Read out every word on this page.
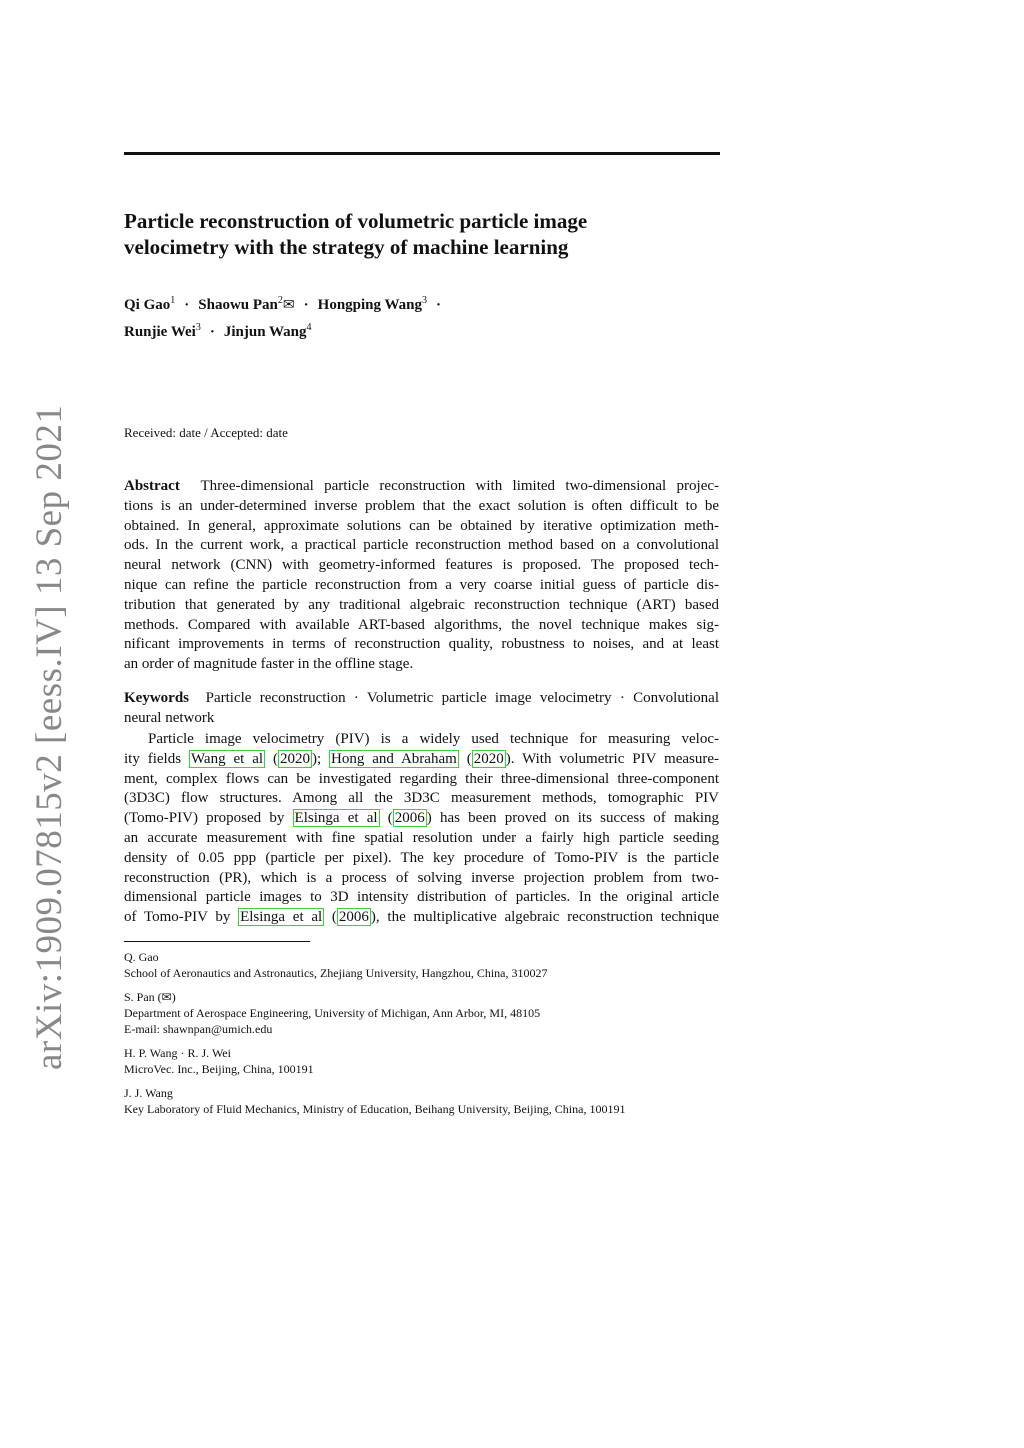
arXiv:1909.07815v2 [eess.IV] 13 Sep 2021
Particle reconstruction of volumetric particle image
velocimetry with the strategy of machine learning
Qi Gao$^1$ · Shaowu Pan$^2$✉ · Hongping Wang$^3$ ·
Runjie Wei$^3$ · Jinjun Wang$^4$
Received: date / Accepted: date
Abstract Three-dimensional particle reconstruction with limited two-dimensional projec-
tions is an under-determined inverse problem that the exact solution is often difficult to be
obtained. In general, approximate solutions can be obtained by iterative optimization meth-
ods. In the current work, a practical particle reconstruction method based on a convolutional
neural network (CNN) with geometry-informed features is proposed. The proposed tech-
nique can refine the particle reconstruction from a very coarse initial guess of particle dis-
tribution that generated by any traditional algebraic reconstruction technique (ART) based
methods. Compared with available ART-based algorithms, the novel technique makes sig-
nificant improvements in terms of reconstruction quality, robustness to noises, and at least
an order of magnitude faster in the offline stage.
Keywords Particle reconstruction · Volumetric particle image velocimetry · Convolutional
neural network
Particle image velocimetry (PIV) is a widely used technique for measuring veloc-
ity fields Wang et al ( 2020 ); Hong and Abraham ( 2020 ). With volumetric PIV measure-
ment, complex flows can be investigated regarding their three-dimensional three-component
(3D3C) flow structures. Among all the 3D3C measurement methods, tomographic PIV
(Tomo-PIV) proposed by Elsinga et al ( 2006 ) has been proved on its success of making
an accurate measurement with fine spatial resolution under a fairly high particle seeding
density of 0.05 ppp (particle per pixel). The key procedure of Tomo-PIV is the particle
reconstruction (PR), which is a process of solving inverse projection problem from two-
dimensional particle images to 3D intensity distribution of particles. In the original article
of Tomo-PIV by Elsinga et al ( 2006 ), the multiplicative algebraic reconstruction technique
Q. Gao
School of Aeronautics and Astronautics, Zhejiang University, Hangzhou, China, 310027
S. Pan (✉)
Department of Aerospace Engineering, University of Michigan, Ann Arbor, MI, 48105
E-mail: shawnpan@umich.edu
H. P. Wang · R. J. Wei
MicroVec. Inc., Beijing, China, 100191
J. J. Wang
Key Laboratory of Fluid Mechanics, Ministry of Education, Beihang University, Beijing, China, 100191
